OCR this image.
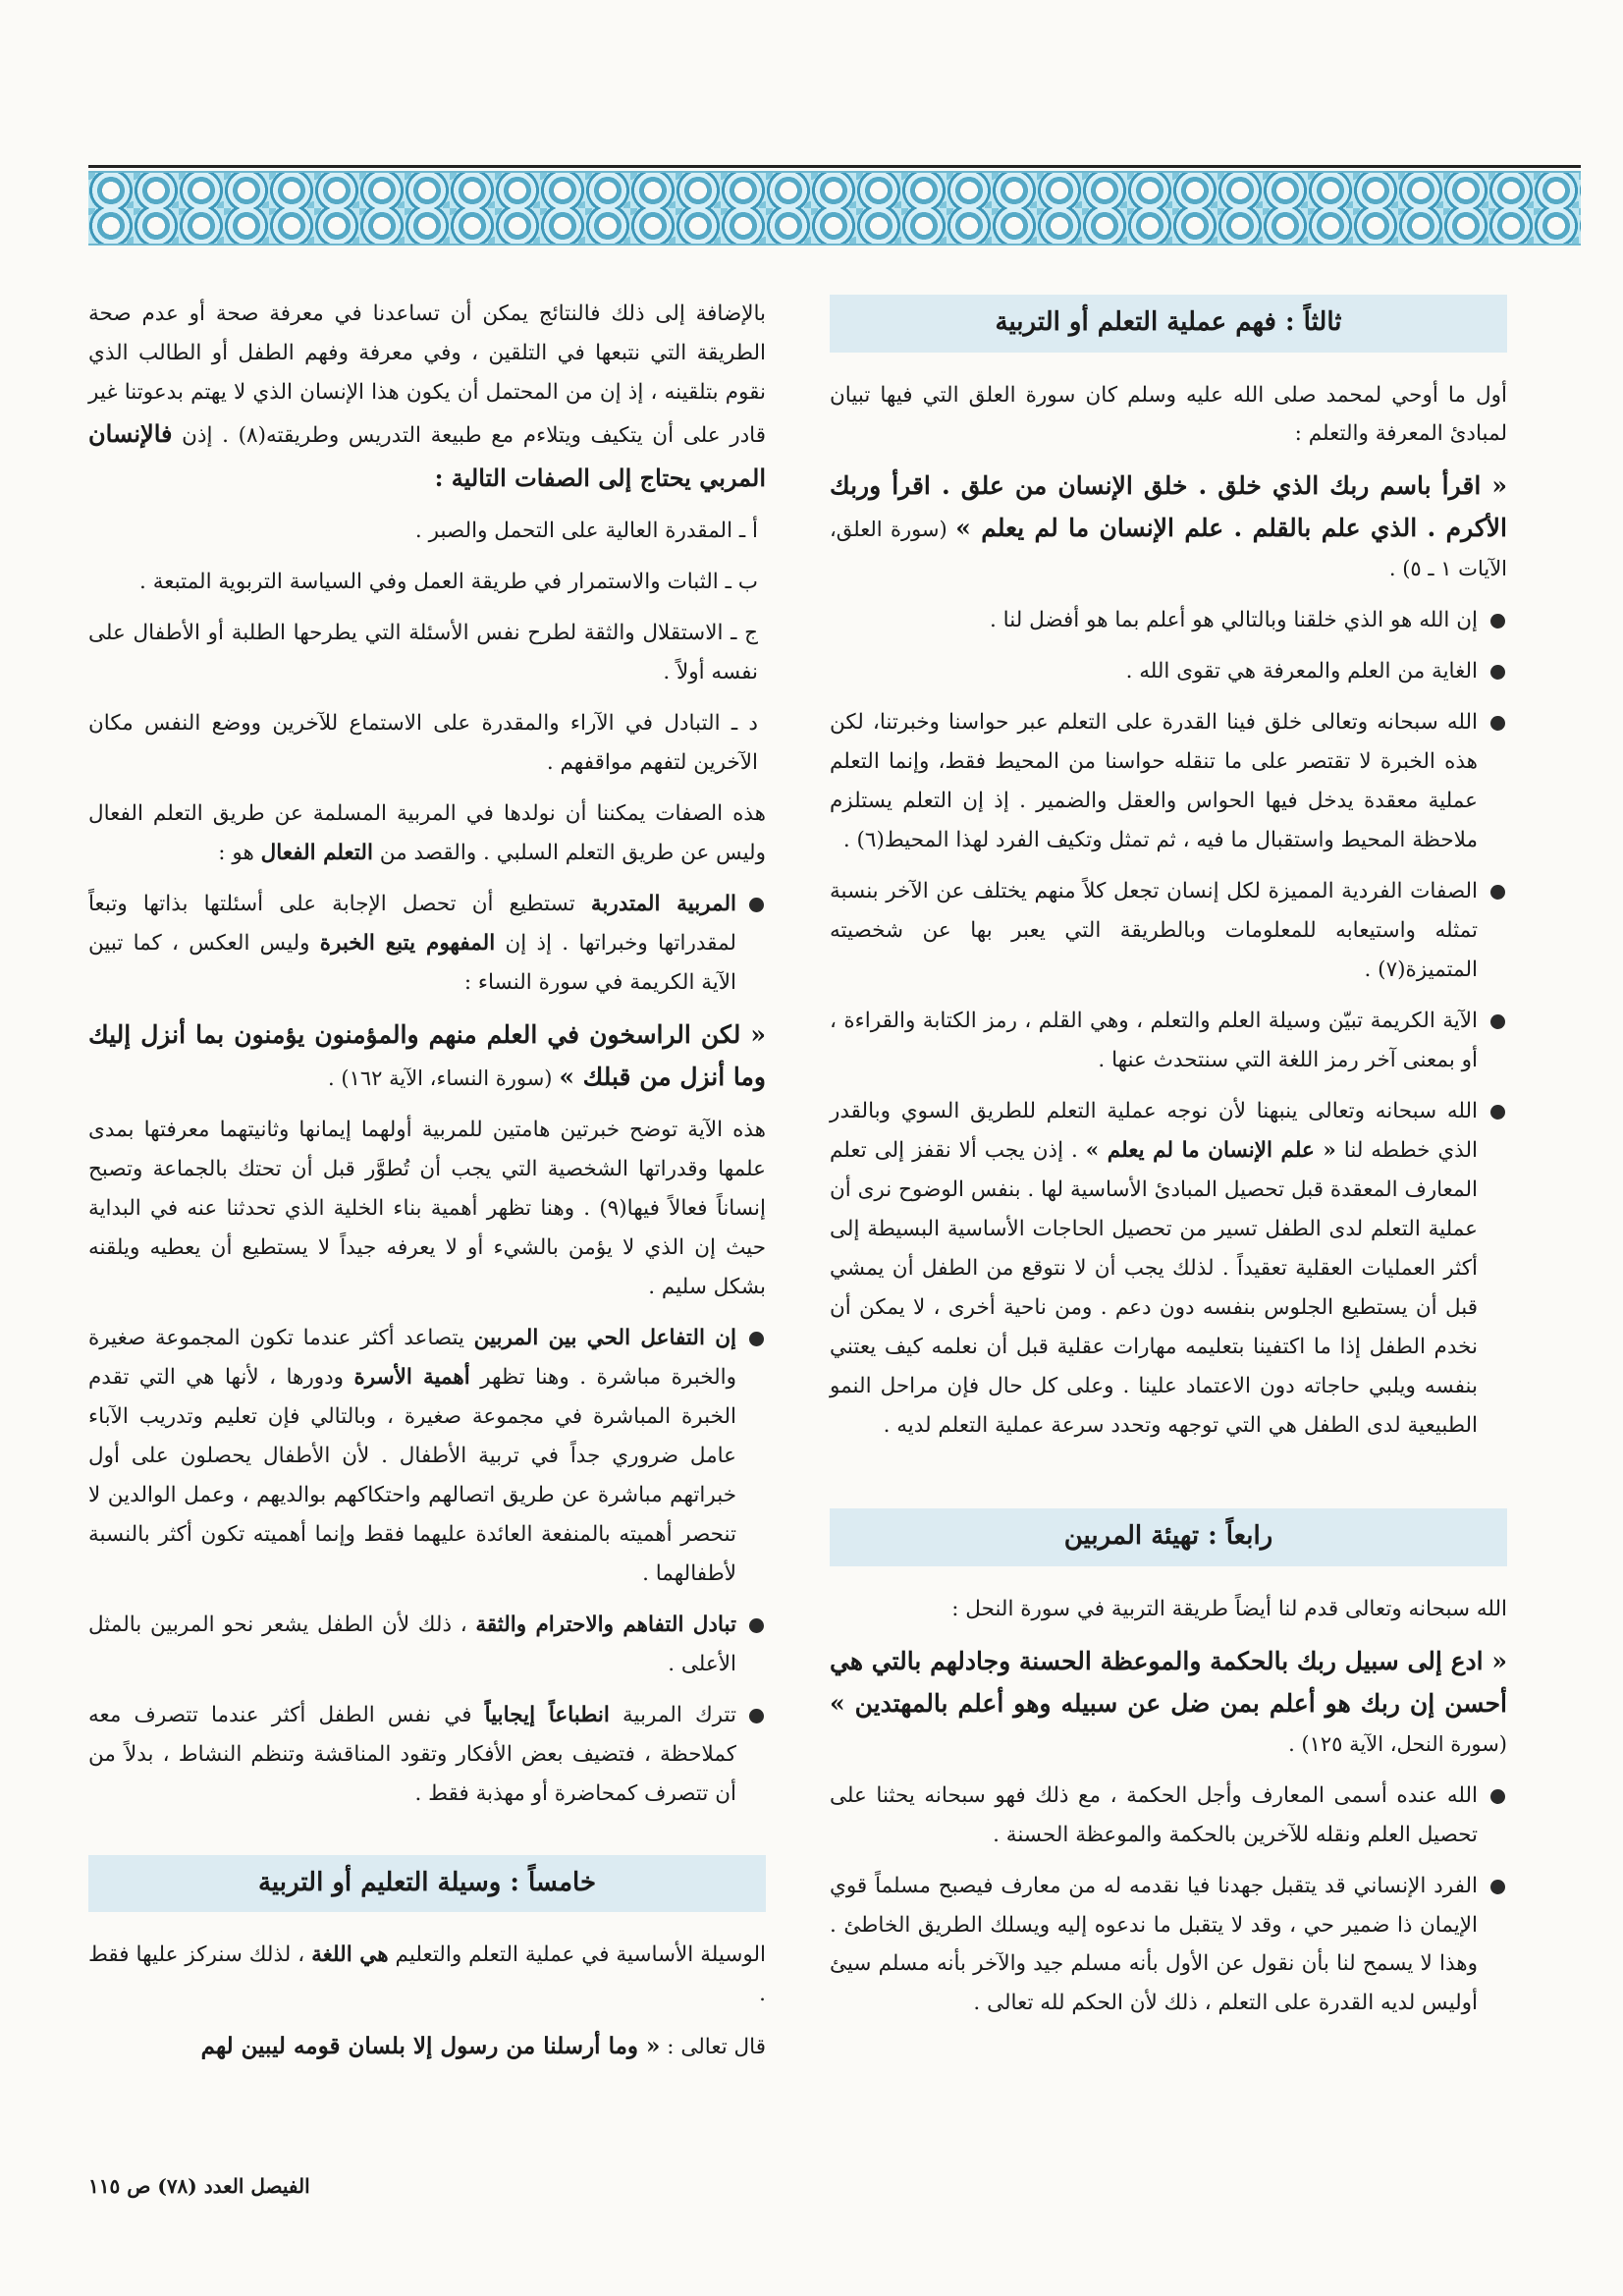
ثالثاً : فهم عملية التعلم أو التربية

أول ما أوحي لمحمد صلى الله عليه وسلم كان سورة العلق التي فيها تبيان لمبادئ المعرفة والتعلم :

« اقرأ باسم ربك الذي خلق . خلق الإنسان من علق . اقرأ وربك الأكرم . الذي علم بالقلم . علم الإنسان ما لم يعلم » (سورة العلق، الآيات ١ ـ ٥) .

إن الله هو الذي خلقنا وبالتالي هو أعلم بما هو أفضل لنا .
الغاية من العلم والمعرفة هي تقوى الله .
الله سبحانه وتعالى خلق فينا القدرة على التعلم عبر حواسنا وخبرتنا، لكن هذه الخبرة لا تقتصر على ما تنقله حواسنا من المحيط فقط، وإنما التعلم عملية معقدة يدخل فيها الحواس والعقل والضمير . إذ إن التعلم يستلزم ملاحظة المحيط واستقبال ما فيه ، ثم تمثل وتكيف الفرد لهذا المحيط(٦) .
الصفات الفردية المميزة لكل إنسان تجعل كلاً منهم يختلف عن الآخر بنسبة تمثله واستيعابه للمعلومات وبالطريقة التي يعبر بها عن شخصيته المتميزة(٧) .
الآية الكريمة تبيّن وسيلة العلم والتعلم ، وهي القلم ، رمز الكتابة والقراءة ، أو بمعنى آخر رمز اللغة التي سنتحدث عنها .
الله سبحانه وتعالى ينبهنا لأن نوجه عملية التعلم للطريق السوي وبالقدر الذي خططه لنا « علم الإنسان ما لم يعلم » . إذن يجب ألا نقفز إلى تعلم المعارف المعقدة قبل تحصيل المبادئ الأساسية لها . بنفس الوضوح نرى أن عملية التعلم لدى الطفل تسير من تحصيل الحاجات الأساسية البسيطة إلى أكثر العمليات العقلية تعقيداً . لذلك يجب أن لا نتوقع من الطفل أن يمشي قبل أن يستطيع الجلوس بنفسه دون دعم . ومن ناحية أخرى ، لا يمكن أن نخدم الطفل إذا ما اكتفينا بتعليمه مهارات عقلية قبل أن نعلمه كيف يعتني بنفسه ويلبي حاجاته دون الاعتماد علينا . وعلى كل حال فإن مراحل النمو الطبيعية لدى الطفل هي التي توجهه وتحدد سرعة عملية التعلم لديه .
رابعاً : تهيئة المربين

الله سبحانه وتعالى قدم لنا أيضاً طريقة التربية في سورة النحل :

« ادع إلى سبيل ربك بالحكمة والموعظة الحسنة وجادلهم بالتي هي أحسن إن ربك هو أعلم بمن ضل عن سبيله وهو أعلم بالمهتدين » (سورة النحل، الآية ١٢٥) .

الله عنده أسمى المعارف وأجل الحكمة ، مع ذلك فهو سبحانه يحثنا على تحصيل العلم ونقله للآخرين بالحكمة والموعظة الحسنة .
الفرد الإنساني قد يتقبل جهدنا فيا نقدمه له من معارف فيصبح مسلماً قوي الإيمان ذا ضمير حي ، وقد لا يتقبل ما ندعوه إليه ويسلك الطريق الخاطئ . وهذا لا يسمح لنا بأن نقول عن الأول بأنه مسلم جيد والآخر بأنه مسلم سيئ أوليس لديه القدرة على التعلم ، ذلك لأن الحكم لله تعالى .

بالإضافة إلى ذلك فالنتائج يمكن أن تساعدنا في معرفة صحة أو عدم صحة الطريقة التي نتبعها في التلقين ، وفي معرفة وفهم الطفل أو الطالب الذي نقوم بتلقينه ، إذ إن من المحتمل أن يكون هذا الإنسان الذي لا يهتم بدعوتنا غير قادر على أن يتكيف ويتلاءم مع طبيعة التدريس وطريقته(٨) . إذن فالإنسان المربي يحتاج إلى الصفات التالية :

أ ـ المقدرة العالية على التحمل والصبر .

ب ـ الثبات والاستمرار في طريقة العمل وفي السياسة التربوية المتبعة .

ج ـ الاستقلال والثقة لطرح نفس الأسئلة التي يطرحها الطلبة أو الأطفال على نفسه أولاً .

د ـ التبادل في الآراء والمقدرة على الاستماع للآخرين ووضع النفس مكان الآخرين لتفهم مواقفهم .

هذه الصفات يمكننا أن نولدها في المربية المسلمة عن طريق التعلم الفعال وليس عن طريق التعلم السلبي . والقصد من التعلم الفعال هو :

المربية المتدربة تستطيع أن تحصل الإجابة على أسئلتها بذاتها وتبعاً لمقدراتها وخبراتها . إذ إن المفهوم يتبع الخبرة وليس العكس ، كما تبين الآية الكريمة في سورة النساء :

« لكن الراسخون في العلم منهم والمؤمنون يؤمنون بما أنزل إليك وما أنزل من قبلك » (سورة النساء، الآية ١٦٢) .

هذه الآية توضح خبرتين هامتين للمربية أولهما إيمانها وثانيتهما معرفتها بمدى علمها وقدراتها الشخصية التي يجب أن تُطوَّر قبل أن تحتك بالجماعة وتصبح إنساناً فعالاً فيها(٩) . وهنا تظهر أهمية بناء الخلية الذي تحدثنا عنه في البداية حيث إن الذي لا يؤمن بالشيء أو لا يعرفه جيداً لا يستطيع أن يعطيه ويلقنه بشكل سليم .

إن التفاعل الحي بين المربين يتصاعد أكثر عندما تكون المجموعة صغيرة والخبرة مباشرة . وهنا تظهر أهمية الأسرة ودورها ، لأنها هي التي تقدم الخبرة المباشرة في مجموعة صغيرة ، وبالتالي فإن تعليم وتدريب الآباء عامل ضروري جداً في تربية الأطفال . لأن الأطفال يحصلون على أول خبراتهم مباشرة عن طريق اتصالهم واحتكاكهم بوالديهم ، وعمل الوالدين لا تنحصر أهميته بالمنفعة العائدة عليهما فقط وإنما أهميته تكون أكثر بالنسبة لأطفالهما .
تبادل التفاهم والاحترام والثقة ، ذلك لأن الطفل يشعر نحو المربين بالمثل الأعلى .
تترك المربية انطباعاً إيجابياً في نفس الطفل أكثر عندما تتصرف معه كملاحظة ، فتضيف بعض الأفكار وتقود المناقشة وتنظم النشاط ، بدلاً من أن تتصرف كمحاضرة أو مهذبة فقط .
خامساً : وسيلة التعليم أو التربية

الوسيلة الأساسية في عملية التعلم والتعليم هي اللغة ، لذلك سنركز عليها فقط .

قال تعالى : « وما أرسلنا من رسول إلا بلسان قومه ليبين لهم

الفيصل العدد (٧٨) ص ١١٥
